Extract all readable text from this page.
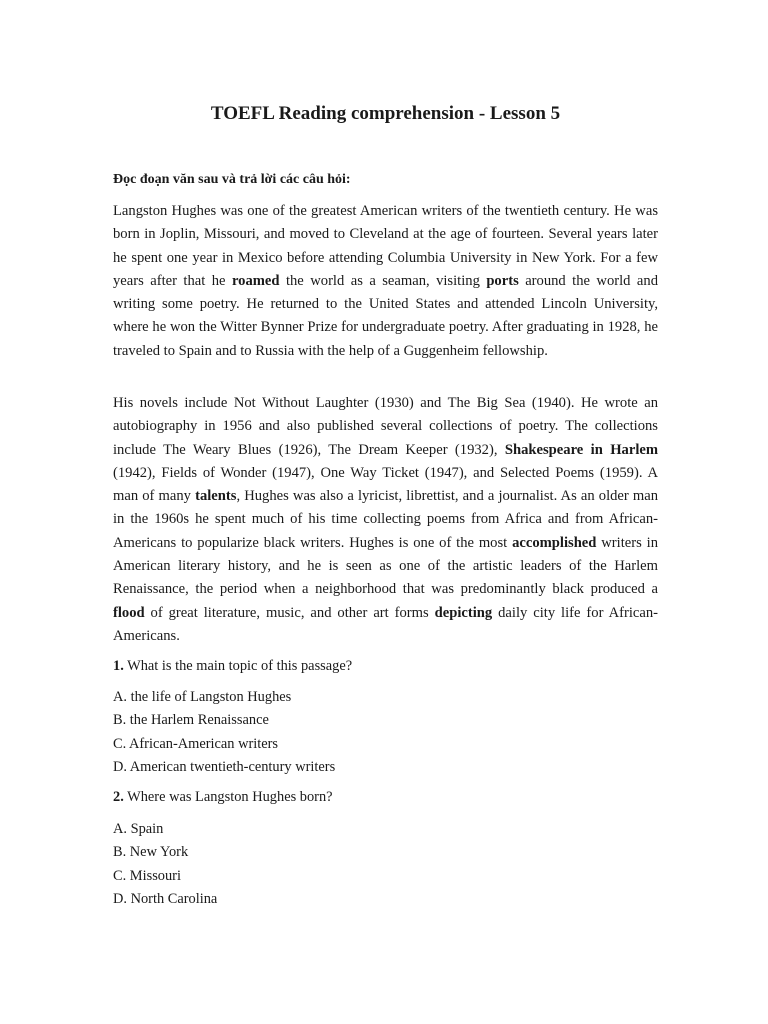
TOEFL Reading comprehension - Lesson 5

Đọc đoạn văn sau và trả lời các câu hỏi:

Langston Hughes was one of the greatest American writers of the twentieth century. He was born in Joplin, Missouri, and moved to Cleveland at the age of fourteen. Several years later he spent one year in Mexico before attending Columbia University in New York. For a few years after that he roamed the world as a seaman, visiting ports around the world and writing some poetry. He returned to the United States and attended Lincoln University, where he won the Witter Bynner Prize for undergraduate poetry. After graduating in 1928, he traveled to Spain and to Russia with the help of a Guggenheim fellowship.

His novels include Not Without Laughter (1930) and The Big Sea (1940). He wrote an autobiography in 1956 and also published several collections of poetry. The collections include The Weary Blues (1926), The Dream Keeper (1932), Shakespeare in Harlem (1942), Fields of Wonder (1947), One Way Ticket (1947), and Selected Poems (1959). A man of many talents, Hughes was also a lyricist, librettist, and a journalist. As an older man in the 1960s he spent much of his time collecting poems from Africa and from African-Americans to popularize black writers. Hughes is one of the most accomplished writers in American literary history, and he is seen as one of the artistic leaders of the Harlem Renaissance, the period when a neighborhood that was predominantly black produced a flood of great literature, music, and other art forms depicting daily city life for African-Americans.

1. What is the main topic of this passage?

A. the life of Langston Hughes
B. the Harlem Renaissance
C. African-American writers
D. American twentieth-century writers

2. Where was Langston Hughes born?

A. Spain
B. New York
C. Missouri
D. North Carolina
